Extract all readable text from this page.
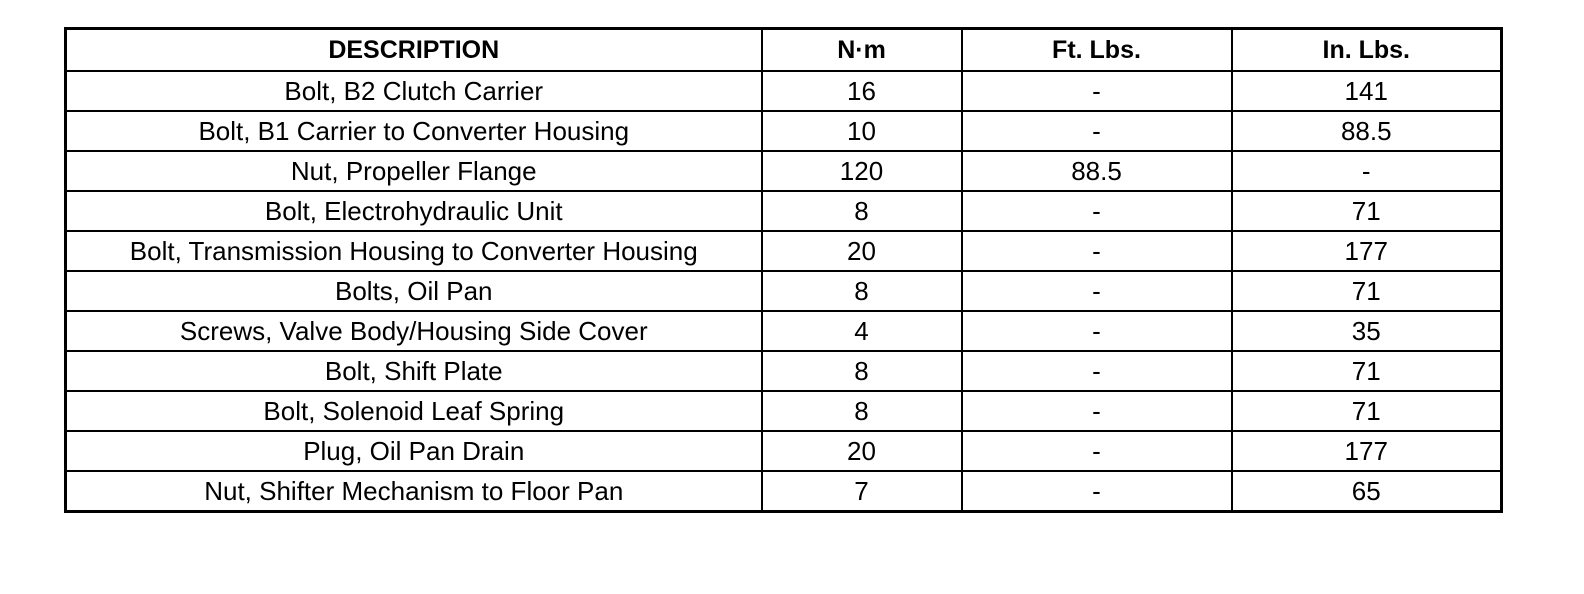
DESCRIPTION	N·m	Ft. Lbs.	In. Lbs.
Bolt, B2 Clutch Carrier	16	-	141
Bolt, B1 Carrier to Converter Housing	10	-	88.5
Nut, Propeller Flange	120	88.5	-
Bolt, Electrohydraulic Unit	8	-	71
Bolt, Transmission Housing to Converter Housing	20	-	177
Bolts, Oil Pan	8	-	71
Screws, Valve Body/Housing Side Cover	4	-	35
Bolt, Shift Plate	8	-	71
Bolt, Solenoid Leaf Spring	8	-	71
Plug, Oil Pan Drain	20	-	177
Nut, Shifter Mechanism to Floor Pan	7	-	65
